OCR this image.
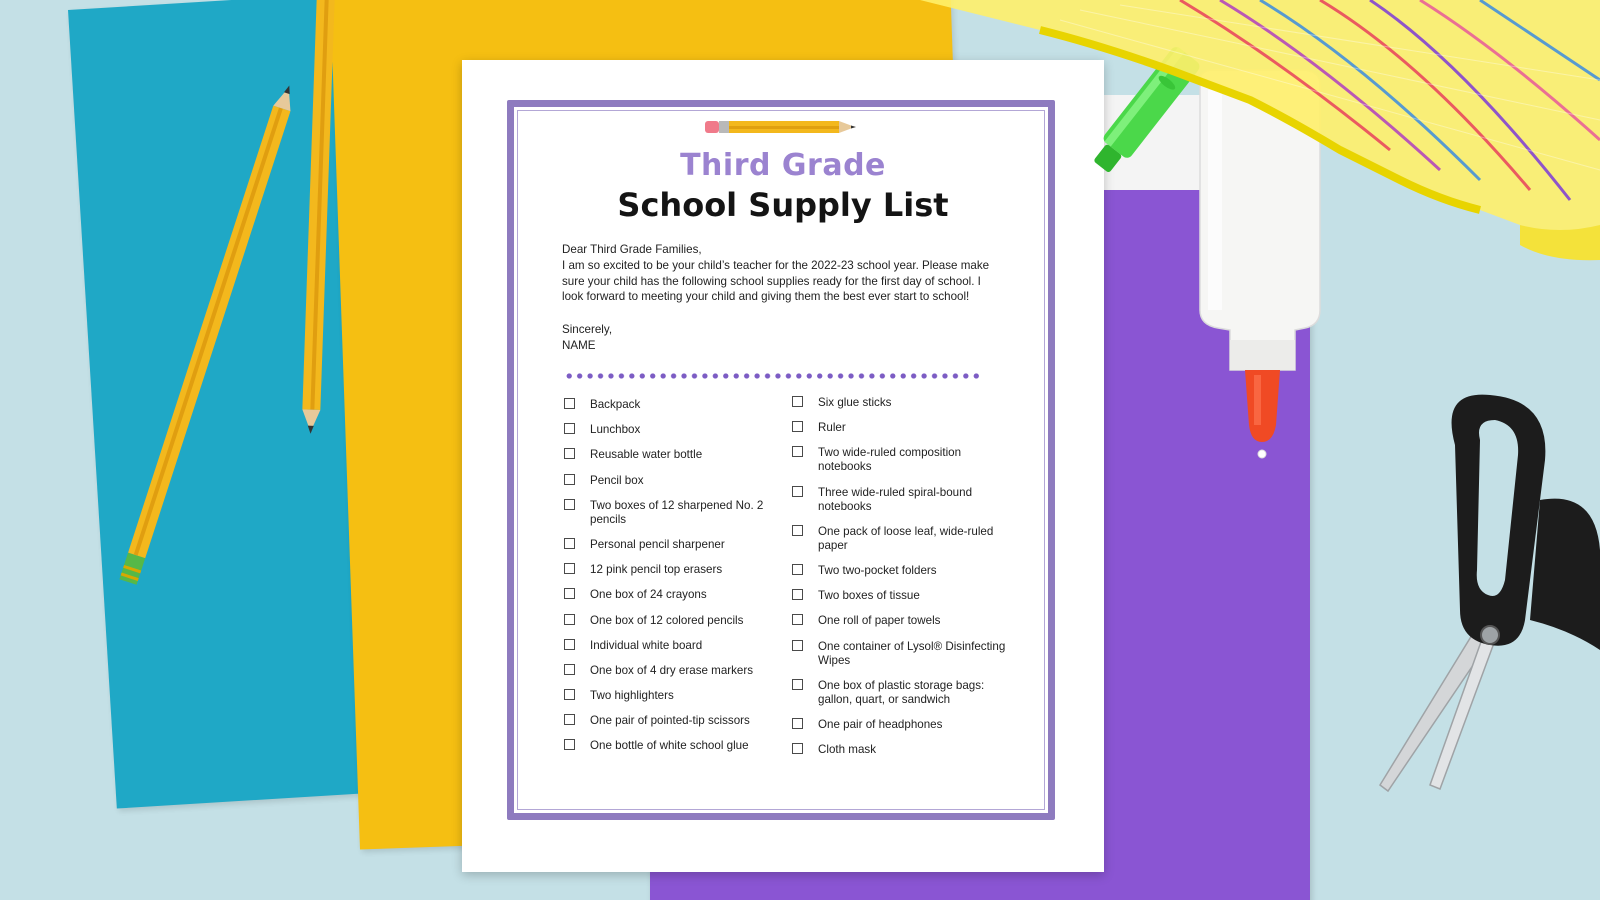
Third Grade
School Supply List
Dear Third Grade Families,
I am so excited to be your child’s teacher for the 2022-23 school year. Please make sure your child has the following school supplies ready for the first day of school. I look forward to meeting your child and giving them the best ever start to school!
Sincerely,
NAME
Backpack
Lunchbox
Reusable water bottle
Pencil box
Two boxes of 12 sharpened No. 2 pencils
Personal pencil sharpener
12 pink pencil top erasers
One box of 24 crayons
One box of 12 colored pencils
Individual white board
One box of 4 dry erase markers
Two highlighters
One pair of pointed-tip scissors
One bottle of white school glue
Six glue sticks
Ruler
Two wide-ruled composition notebooks
Three wide-ruled spiral-bound notebooks
One pack of loose leaf, wide-ruled paper
Two two-pocket folders
Two boxes of tissue
One roll of paper towels
One container of Lysol® Disinfecting Wipes
One box of plastic storage bags: gallon, quart, or sandwich
One pair of headphones
Cloth mask
